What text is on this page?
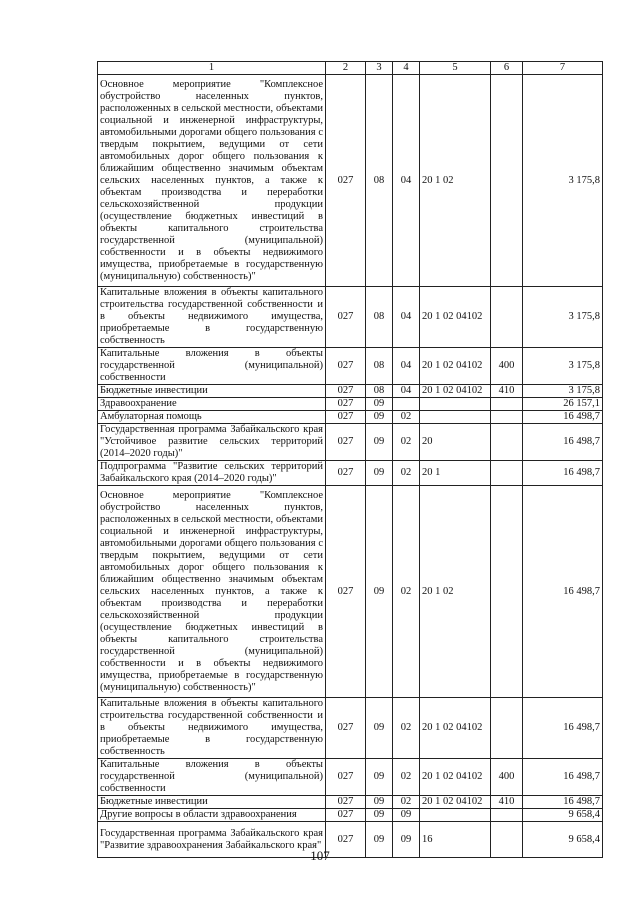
1	2	3	4	5	6	7
Основное мероприятие "Комплексное обустройство населенных пунктов, расположенных в сельской местности, объектами социальной и инженерной инфраструктуры, автомобильными дорогами общего пользования с твердым покрытием, ведущими от сети автомобильных дорог общего пользования к ближайшим общественно значимым объектам сельских населенных пунктов, а также к объектам производства и переработки сельскохозяйственной продукции (осуществление бюджетных инвестиций в объекты капитального строительства государственной (муниципальной) собственности и в объекты недвижимого имущества, приобретаемые в государственную (муниципальную) собственность)"	027	08	04	20 1 02		3 175,8
Капитальные вложения в объекты капитального строительства государственной собственности и в объекты недвижимого имущества, приобретаемые в государственную собственность	027	08	04	20 1 02 04102		3 175,8
Капитальные вложения в объекты государственной (муниципальной) собственности	027	08	04	20 1 02 04102	400	3 175,8
Бюджетные инвестиции	027	08	04	20 1 02 04102	410	3 175,8
Здравоохранение	027	09				26 157,1
Амбулаторная помощь	027	09	02			16 498,7
Государственная программа Забайкальского края "Устойчивое развитие сельских территорий (2014–2020 годы)"	027	09	02	20		16 498,7
Подпрограмма "Развитие сельских территорий Забайкальского края (2014–2020 годы)"	027	09	02	20 1		16 498,7
Основное мероприятие "Комплексное обустройство населенных пунктов, расположенных в сельской местности, объектами социальной и инженерной инфраструктуры, автомобильными дорогами общего пользования с твердым покрытием, ведущими от сети автомобильных дорог общего пользования к ближайшим общественно значимым объектам сельских населенных пунктов, а также к объектам производства и переработки сельскохозяйственной продукции (осуществление бюджетных инвестиций в объекты капитального строительства государственной (муниципальной) собственности и в объекты недвижимого имущества, приобретаемые в государственную (муниципальную) собственность)"	027	09	02	20 1 02		16 498,7
Капитальные вложения в объекты капитального строительства государственной собственности и в объекты недвижимого имущества, приобретаемые в государственную собственность	027	09	02	20 1 02 04102		16 498,7
Капитальные вложения в объекты государственной (муниципальной) собственности	027	09	02	20 1 02 04102	400	16 498,7
Бюджетные инвестиции	027	09	02	20 1 02 04102	410	16 498,7
Другие вопросы в области здравоохранения	027	09	09			9 658,4
Государственная программа Забайкальского края "Развитие здравоохранения Забайкальского края"	027	09	09	16		9 658,4
107
